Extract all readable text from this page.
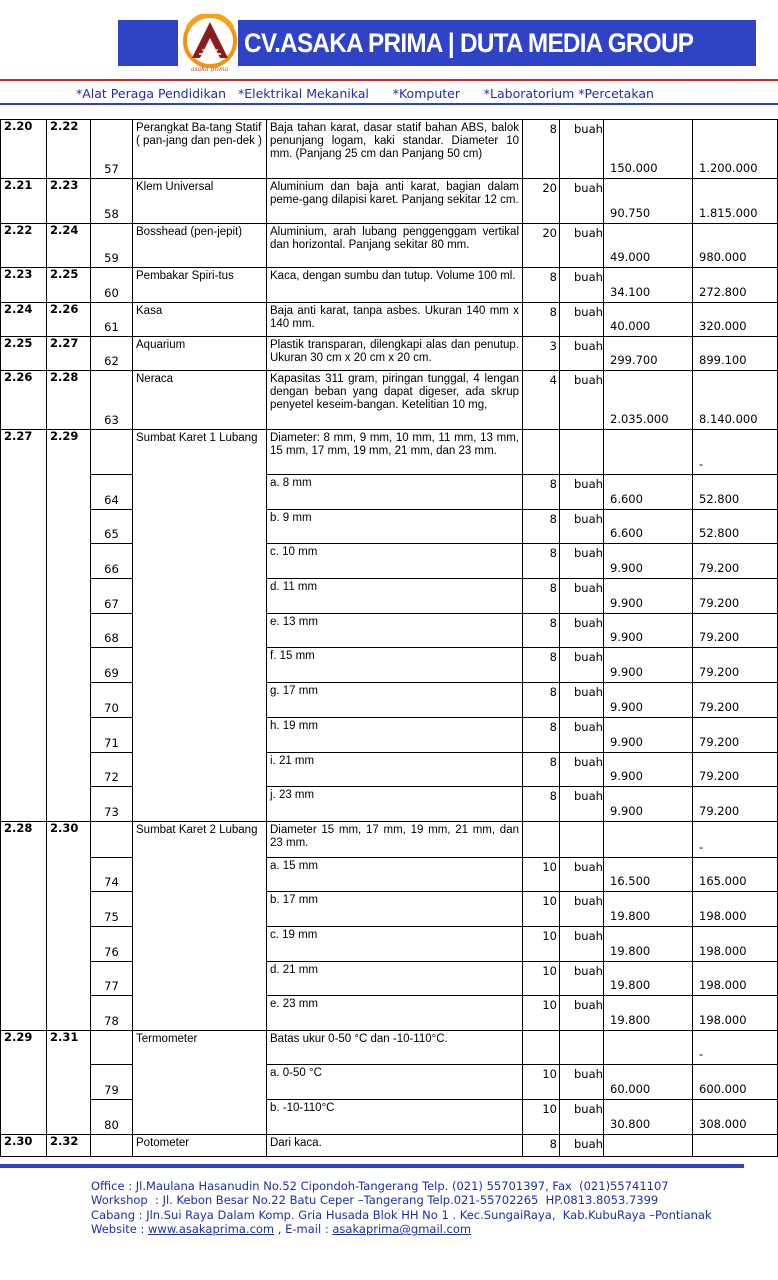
CV.ASAKA PRIMA | DUTA MEDIA GROUP
asaka prima
*Alat Peraga Pendidikan   *Elektrikal Mekanikal      *Komputer      *Laboratorium *Percetakan
2.20	2.22	57	Perangkat Ba-tang Statif ( pan-jang dan pen-dek )	Baja tahan karat, dasar statif bahan ABS, balok penunjang logam, kaki standar. Diameter 10 mm. (Panjang 25 cm dan Panjang 50 cm)	8	buah	150.000	1.200.000
2.21	2.23	58	Klem Universal	Aluminium dan baja anti karat, bagian dalam peme-gang dilapisi karet. Panjang sekitar 12 cm.	20	buah	90.750	1.815.000
2.22	2.24	59	Bosshead (pen-jepit)	Aluminium, arah lubang penggenggam vertikal dan horizontal. Panjang sekitar 80 mm.	20	buah	49.000	980.000
2.23	2.25	60	Pembakar Spiri-tus	Kaca, dengan sumbu dan tutup. Volume 100 ml.	8	buah	34.100	272.800
2.24	2.26	61	Kasa	Baja anti karat, tanpa asbes. Ukuran 140 mm x 140 mm.	8	buah	40.000	320.000
2.25	2.27	62	Aquarium	Plastik transparan, dilengkapi alas dan penutup. Ukuran 30 cm x 20 cm x 20 cm.	3	buah	299.700	899.100
2.26	2.28	63	Neraca	Kapasitas 311 gram, piringan tunggal, 4 lengan dengan beban yang dapat digeser, ada skrup penyetel keseim-bangan. Ketelitian 10 mg,	4	buah	2.035.000	8.140.000
2.27	2.29		Sumbat Karet 1 Lubang	Diameter: 8 mm, 9 mm, 10 mm, 11 mm, 13 mm, 15 mm, 17 mm, 19 mm, 21 mm, dan 23 mm.				-
		64		a. 8 mm	8	buah	6.600	52.800
		65		b. 9 mm	8	buah	6.600	52.800
		66		c. 10 mm	8	buah	9.900	79.200
		67		d. 11 mm	8	buah	9.900	79.200
		68		e. 13 mm	8	buah	9.900	79.200
		69		f. 15 mm	8	buah	9.900	79.200
		70		g. 17 mm	8	buah	9.900	79.200
		71		h. 19 mm	8	buah	9.900	79.200
		72		i. 21 mm	8	buah	9.900	79.200
		73		j. 23 mm	8	buah	9.900	79.200
2.28	2.30		Sumbat Karet 2 Lubang	Diameter 15 mm, 17 mm, 19 mm, 21 mm, dan 23 mm.				-
		74		a. 15 mm	10	buah	16.500	165.000
		75		b. 17 mm	10	buah	19.800	198.000
		76		c. 19 mm	10	buah	19.800	198.000
		77		d. 21 mm	10	buah	19.800	198.000
		78		e. 23 mm	10	buah	19.800	198.000
2.29	2.31		Termometer	Batas ukur 0-50 °C dan -10-110°C.				-
		79		a. 0-50 °C	10	buah	60.000	600.000
		80		b. -10-110°C	10	buah	30.800	308.000
2.30	2.32		Potometer	Dari kaca.	8	buah		
Office : Jl.Maulana Hasanudin No.52 Cipondoh-Tangerang Telp. (021) 55701397, Fax  (021)55741107
Workshop  : Jl. Kebon Besar No.22 Batu Ceper –Tangerang Telp.021-55702265  HP.0813.8053.7399
Cabang : Jln.Sui Raya Dalam Komp. Gria Husada Blok HH No 1 . Kec.SungaiRaya,  Kab.KubuRaya –Pontianak
Website : www.asakaprima.com , E-mail : asakaprima@gmail.com
